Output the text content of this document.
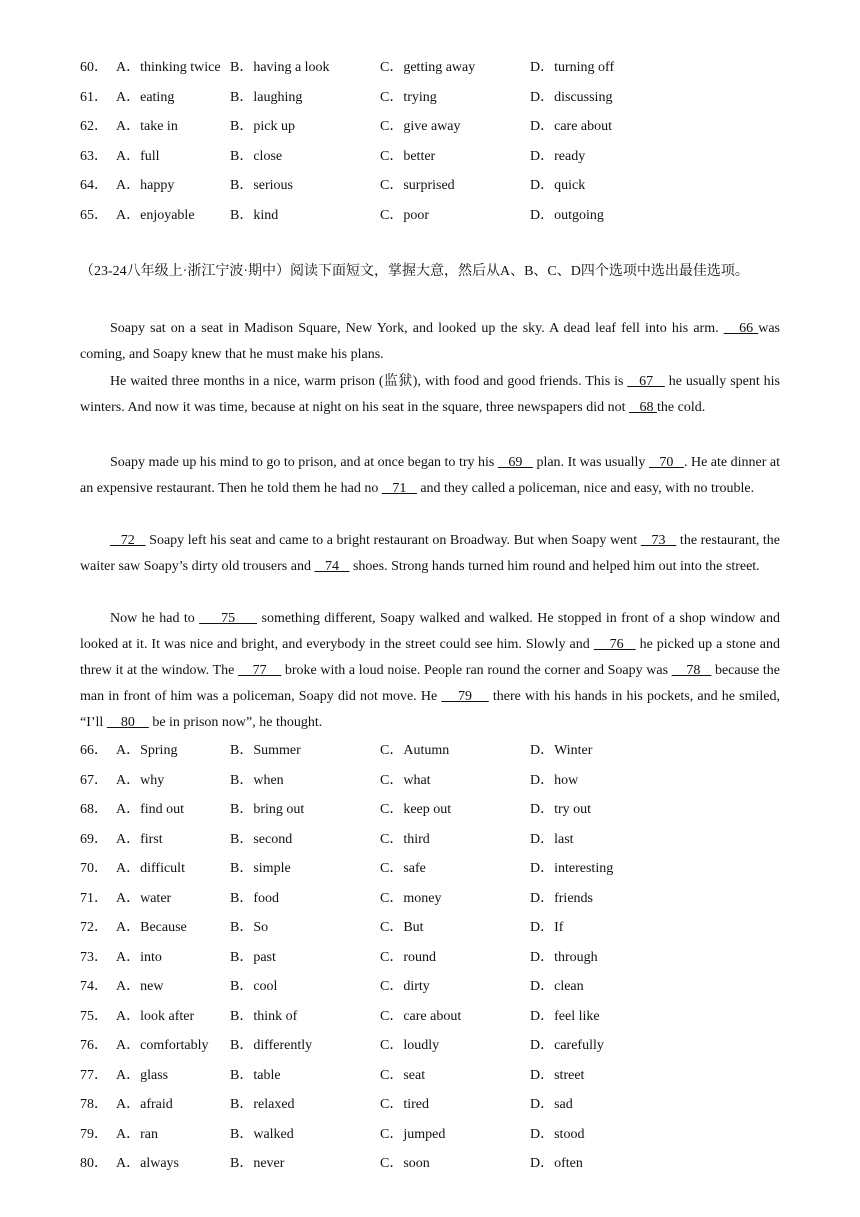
60． A．thinking twice B．having a look	C．getting away	D．turning off
61． A．eating	B．laughing	C．trying	D．discussing
62． A．take in	B．pick up	C．give away	D．care about
63． A．full	B．close	C．better	D．ready
64． A．happy	B．serious	C．surprised	D．quick
65． A．enjoyable	B．kind	C．poor	D．outgoing
（23-24八年级上·浙江宁波·期中）阅读下面短文，掌握大意，然后从A、B、C、D四个选项中选出最佳选项。
Soapy sat on a seat in Madison Square, New York, and looked up the sky. A dead leaf fell into his arm.    66 was coming, and Soapy knew that he must make his plans.
He waited three months in a nice, warm prison (监狱), with food and good friends. This is    67    he usually spent his winters. And now it was time, because at night on his seat in the square, three newspapers did not    68 the cold.
Soapy made up his mind to go to prison, and at once began to try his    69    plan. It was usually    70   . He ate dinner at an expensive restaurant. Then he told them he had no    71    and they called a policeman, nice and easy, with no trouble.
72    Soapy left his seat and came to a bright restaurant on Broadway. But when Soapy went    73    the restaurant, the waiter saw Soapy’s dirty old trousers and    74    shoes. Strong hands turned him round and helped him out into the street.
Now he had to      75      something different, Soapy walked and walked. He stopped in front of a shop window and looked at it. It was nice and bright, and everybody in the street could see him. Slowly and     76    he picked up a stone and threw it at the window. The     77     broke with a loud noise. People ran round the corner and Soapy was     78    because the man in front of him was a policeman, Soapy did not move. He     79     there with his hands in his pockets, and he smiled, “I’ll     80     be in prison now”, he thought.
66． A．Spring	B．Summer	C．Autumn	D．Winter
67． A．why	B．when	C．what	D．how
68． A．find out	B．bring out	C．keep out	D．try out
69． A．first	B．second	C．third	D．last
70． A．difficult	B．simple	C．safe	D．interesting
71． A．water	B．food	C．money	D．friends
72． A．Because	B．So	C．But	D．If
73． A．into	B．past	C．round	D．through
74． A．new	B．cool	C．dirty	D．clean
75． A．look after	B．think of	C．care about	D．feel like
76． A．comfortably B．differently	C．loudly	D．carefully
77． A．glass	B．table	C．seat	D．street
78． A．afraid	B．relaxed	C．tired	D．sad
79． A．ran	B．walked	C．jumped	D．stood
80． A．always	B．never	C．soon	D．often
